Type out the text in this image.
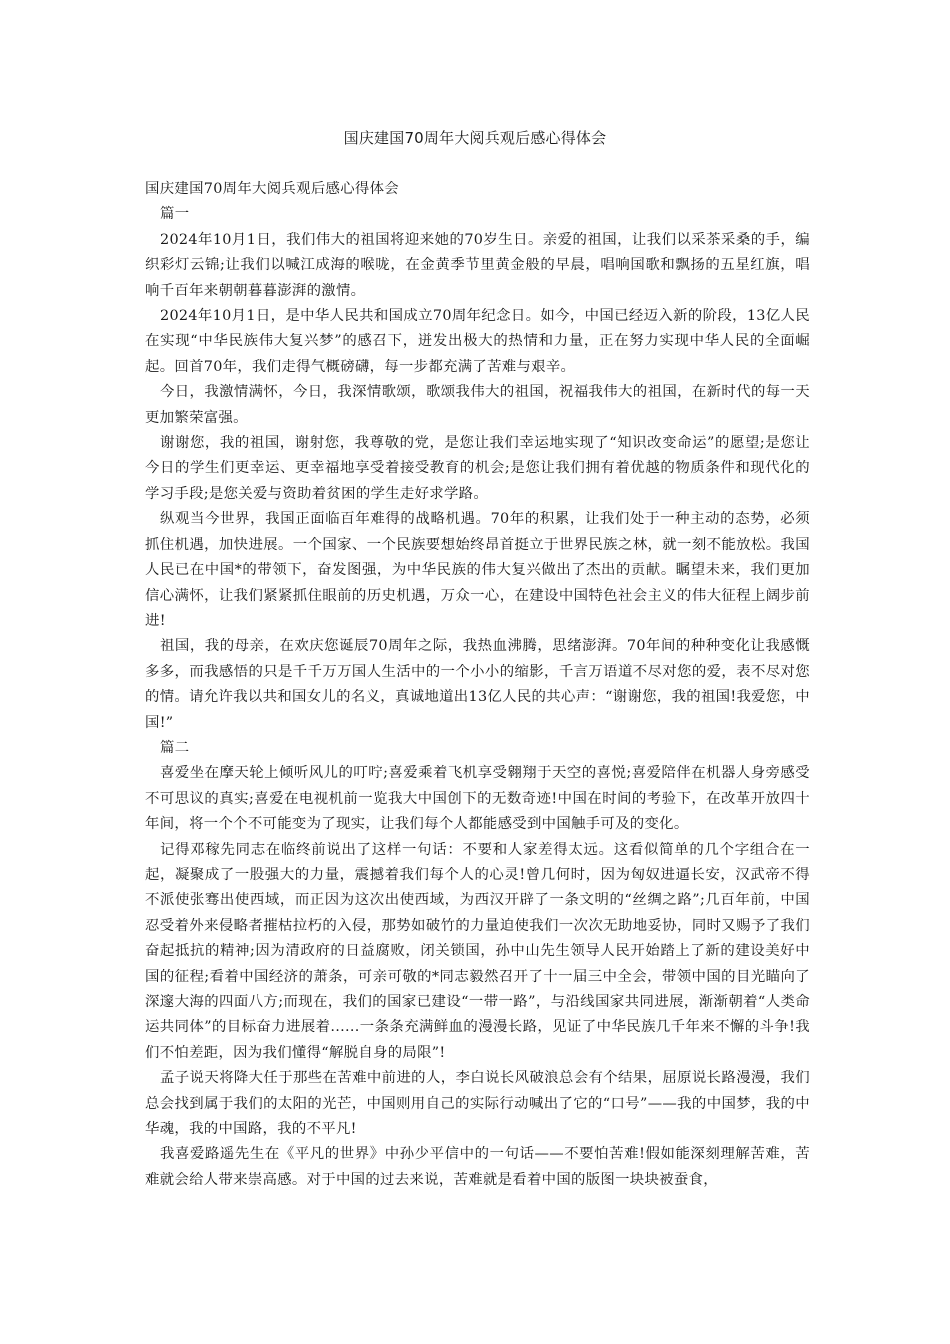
国庆建国70周年大阅兵观后感心得体会

国庆建国70周年大阅兵观后感心得体会

篇一

2024年10月1日，我们伟大的祖国将迎来她的70岁生日。亲爱的祖国，让我们以采茶采桑的手，编织彩灯云锦;让我们以喊江成海的喉咙，在金黄季节里黄金般的早晨，唱响国歌和飘扬的五星红旗，唱响千百年来朝朝暮暮澎湃的激情。

2024年10月1日，是中华人民共和国成立70周年纪念日。如今，中国已经迈入新的阶段，13亿人民在实现“中华民族伟大复兴梦”的感召下，迸发出极大的热情和力量，正在努力实现中华人民的全面崛起。回首70年，我们走得气概磅礴，每一步都充满了苦难与艰辛。

今日，我激情满怀，今日，我深情歌颂，歌颂我伟大的祖国，祝福我伟大的祖国，在新时代的每一天更加繁荣富强。

谢谢您，我的祖国，谢射您，我尊敬的党，是您让我们幸运地实现了“知识改变命运”的愿望;是您让今日的学生们更幸运、更幸福地享受着接受教育的机会;是您让我们拥有着优越的物质条件和现代化的学习手段;是您关爱与资助着贫困的学生走好求学路。

纵观当今世界，我国正面临百年难得的战略机遇。70年的积累，让我们处于一种主动的态势，必须抓住机遇，加快进展。一个国家、一个民族要想始终昂首挺立于世界民族之林，就一刻不能放松。我国人民已在中国*的带领下，奋发图强，为中华民族的伟大复兴做出了杰出的贡献。瞩望未来，我们更加信心满怀，让我们紧紧抓住眼前的历史机遇，万众一心，在建设中国特色社会主义的伟大征程上阔步前进!

祖国，我的母亲，在欢庆您诞辰70周年之际，我热血沸腾，思绪澎湃。70年间的种种变化让我感慨多多，而我感悟的只是千千万万国人生活中的一个小小的缩影，千言万语道不尽对您的爱，表不尽对您的情。请允许我以共和国女儿的名义，真诚地道出13亿人民的共心声：“谢谢您，我的祖国!我爱您，中国!”

篇二

喜爱坐在摩天轮上倾听风儿的叮咛;喜爱乘着飞机享受翱翔于天空的喜悦;喜爱陪伴在机器人身旁感受不可思议的真实;喜爱在电视机前一览我大中国创下的无数奇迹!中国在时间的考验下，在改革开放四十年间，将一个个不可能变为了现实，让我们每个人都能感受到中国触手可及的变化。

记得邓稼先同志在临终前说出了这样一句话：不要和人家差得太远。这看似简单的几个字组合在一起，凝聚成了一股强大的力量，震撼着我们每个人的心灵!曾几何时，因为匈奴进逼长安，汉武帝不得不派使张骞出使西域，而正因为这次出使西域，为西汉开辟了一条文明的“丝绸之路”;几百年前，中国忍受着外来侵略者摧枯拉朽的入侵，那势如破竹的力量迫使我们一次次无助地妥协，同时又赐予了我们奋起抵抗的精神;因为清政府的日益腐败，闭关锁国，孙中山先生领导人民开始踏上了新的建设美好中国的征程;看着中国经济的萧条，可亲可敬的*同志毅然召开了十一届三中全会，带领中国的目光瞄向了深邃大海的四面八方;而现在，我们的国家已建设“一带一路”，与沿线国家共同进展，渐渐朝着“人类命运共同体”的目标奋力进展着......一条条充满鲜血的漫漫长路，见证了中华民族几千年来不懈的斗争!我们不怕差距，因为我们懂得“解脱自身的局限”!

孟子说天将降大任于那些在苦难中前进的人，李白说长风破浪总会有个结果，屈原说长路漫漫，我们总会找到属于我们的太阳的光芒，中国则用自己的实际行动喊出了它的“口号”——我的中国梦，我的中华魂，我的中国路，我的不平凡!

我喜爱路遥先生在《平凡的世界》中孙少平信中的一句话——不要怕苦难!假如能深刻理解苦难，苦难就会给人带来崇高感。对于中国的过去来说，苦难就是看着中国的版图一块块被蚕食，
